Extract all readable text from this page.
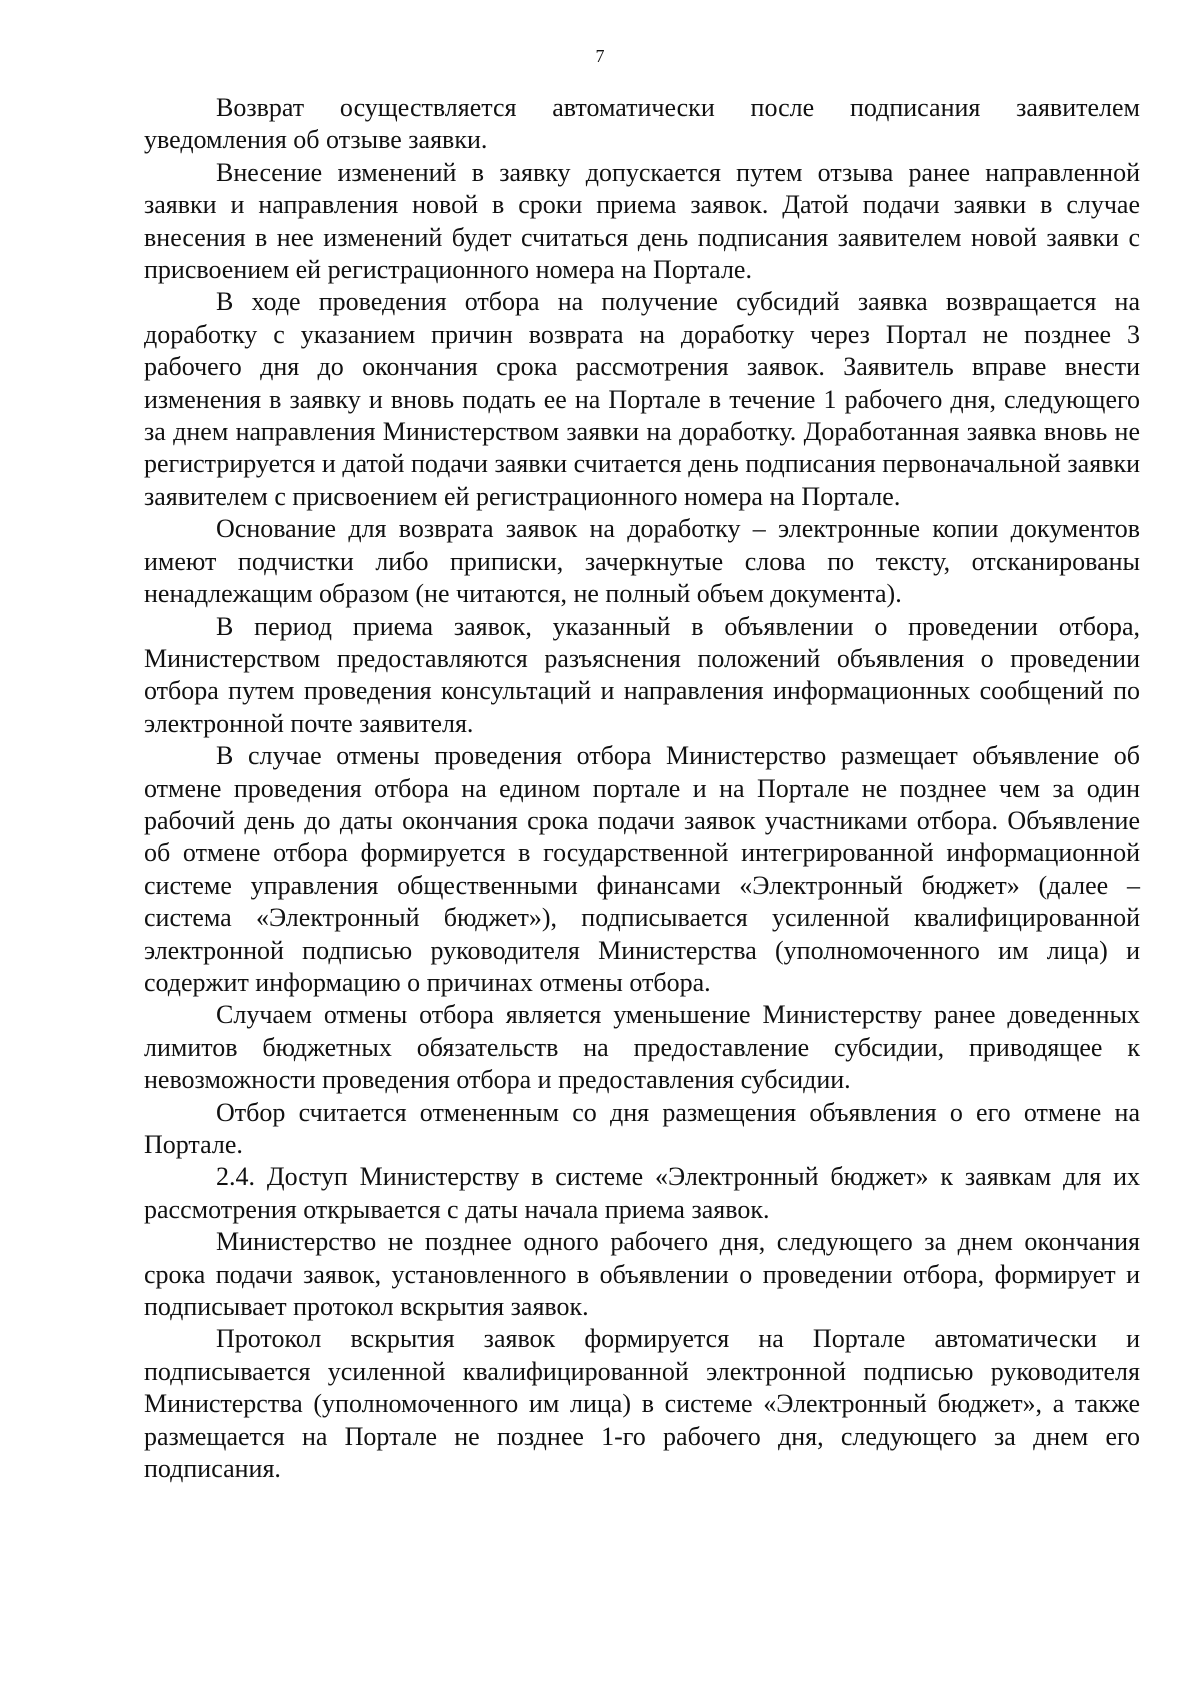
7

Возврат осуществляется автоматически после подписания заявителем уведомления об отзыве заявки.

Внесение изменений в заявку допускается путем отзыва ранее направленной заявки и направления новой в сроки приема заявок. Датой подачи заявки в случае внесения в нее изменений будет считаться день подписания заявителем новой заявки с присвоением ей регистрационного номера на Портале.

В ходе проведения отбора на получение субсидий заявка возвращается на доработку с указанием причин возврата на доработку через Портал не позднее 3 рабочего дня до окончания срока рассмотрения заявок. Заявитель вправе внести изменения в заявку и вновь подать ее на Портале в течение 1 рабочего дня, следующего за днем направления Министерством заявки на доработку. Доработанная заявка вновь не регистрируется и датой подачи заявки считается день подписания первоначальной заявки заявителем с присвоением ей регистрационного номера на Портале.

Основание для возврата заявок на доработку – электронные копии документов имеют подчистки либо приписки, зачеркнутые слова по тексту, отсканированы ненадлежащим образом (не читаются, не полный объем документа).

В период приема заявок, указанный в объявлении о проведении отбора, Министерством предоставляются разъяснения положений объявления о проведении отбора путем проведения консультаций и направления информационных сообщений по электронной почте заявителя.

В случае отмены проведения отбора Министерство размещает объявление об отмене проведения отбора на едином портале и на Портале не позднее чем за один рабочий день до даты окончания срока подачи заявок участниками отбора. Объявление об отмене отбора формируется в государственной интегрированной информационной системе управления общественными финансами «Электронный бюджет» (далее – система «Электронный бюджет»), подписывается усиленной квалифицированной электронной подписью руководителя Министерства (уполномоченного им лица) и содержит информацию о причинах отмены отбора.

Случаем отмены отбора является уменьшение Министерству ранее доведенных лимитов бюджетных обязательств на предоставление субсидии, приводящее к невозможности проведения отбора и предоставления субсидии.

Отбор считается отмененным со дня размещения объявления о его отмене на Портале.

2.4. Доступ Министерству в системе «Электронный бюджет» к заявкам для их рассмотрения открывается с даты начала приема заявок.

Министерство не позднее одного рабочего дня, следующего за днем окончания срока подачи заявок, установленного в объявлении о проведении отбора, формирует и подписывает протокол вскрытия заявок.

Протокол вскрытия заявок формируется на Портале автоматически и подписывается усиленной квалифицированной электронной подписью руководителя Министерства (уполномоченного им лица) в системе «Электронный бюджет», а также размещается на Портале не позднее 1-го рабочего дня, следующего за днем его подписания.
